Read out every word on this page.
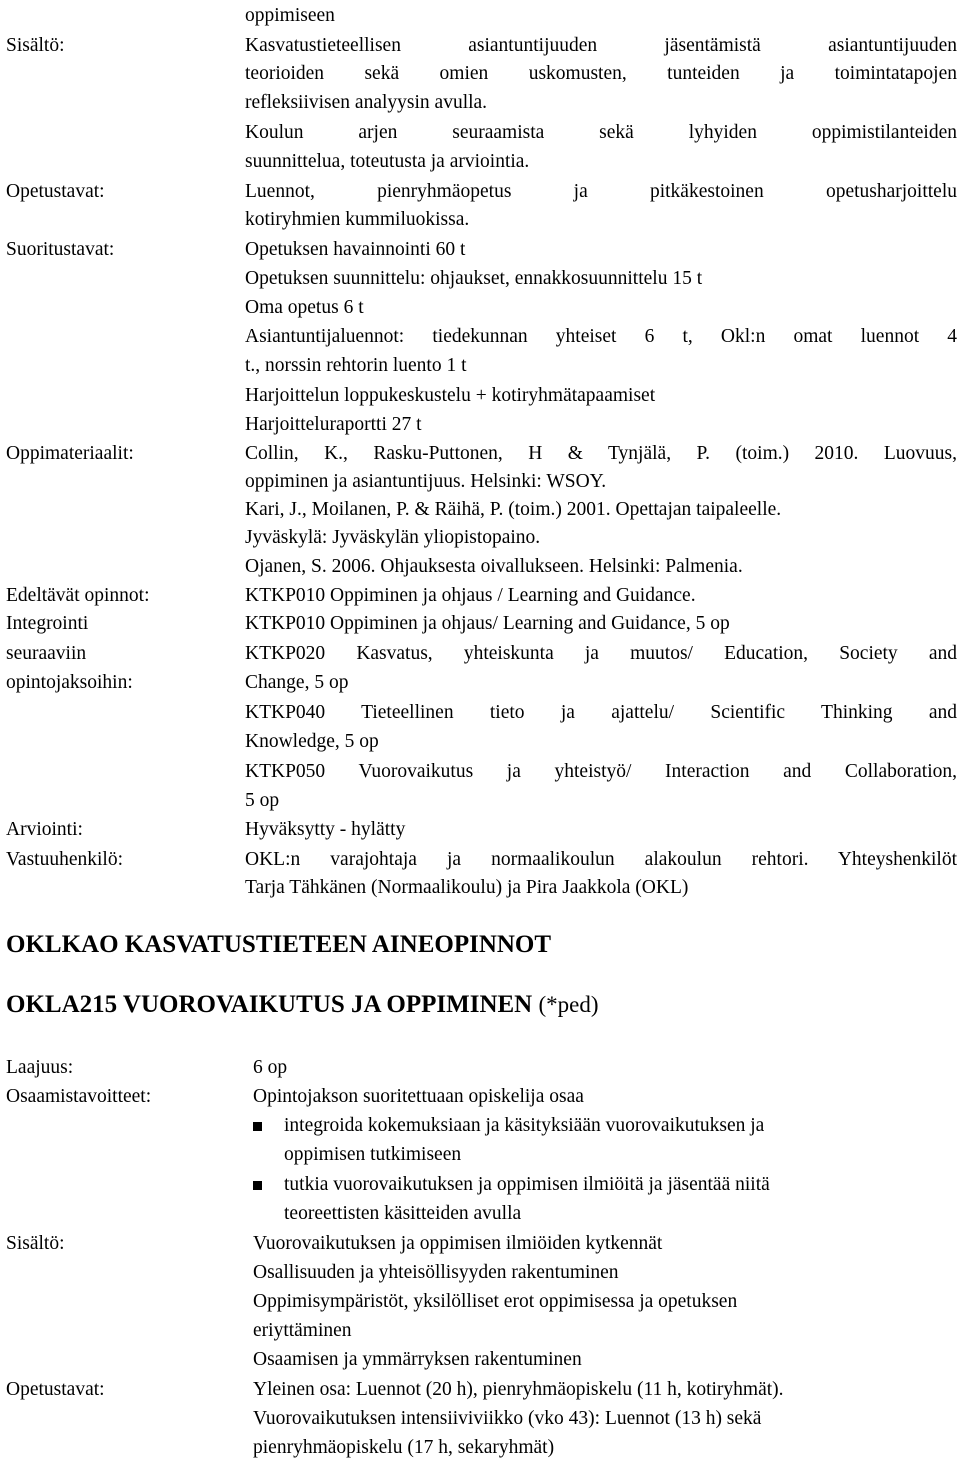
Sisältö:
Opetustavat:
Suoritustavat:
Oppimateriaalit:
Edeltävät opinnot:
Integrointi
seuraaviin
opintojaksoihin:
Arviointi:
Vastuuhenkilö:
oppimiseen
Kasvatustieteellisen asiantuntijuuden jäsentämistä asiantuntijuuden
teorioiden sekä omien uskomusten, tunteiden ja toimintatapojen
refleksiivisen analyysin avulla.
Koulun arjen seuraamista sekä lyhyiden oppimistilanteiden
suunnittelua, toteutusta ja arviointia.
Luennot, pienryhmäopetus ja pitkäkestoinen opetusharjoittelu
kotiryhmien kummiluokissa.
Opetuksen havainnointi 60 t
Opetuksen suunnittelu: ohjaukset, ennakkosuunnittelu 15 t
Oma opetus 6 t
Asiantuntijaluennot: tiedekunnan yhteiset 6 t, Okl:n omat luennot 4
t., norssin rehtorin luento 1 t
Harjoittelun loppukeskustelu + kotiryhmätapaamiset
Harjoitteluraportti 27 t
Collin, K., Rasku-Puttonen, H & Tynjälä, P. (toim.) 2010. Luovuus,
oppiminen ja asiantuntijuus. Helsinki: WSOY.
Kari, J., Moilanen, P. & Räihä, P. (toim.) 2001. Opettajan taipaleelle.
Jyväskylä: Jyväskylän yliopistopaino.
Ojanen, S. 2006. Ohjauksesta oivallukseen. Helsinki: Palmenia.
KTKP010 Oppiminen ja ohjaus / Learning and Guidance.
KTKP010 Oppiminen ja ohjaus/ Learning and Guidance, 5 op
KTKP020 Kasvatus, yhteiskunta ja muutos/ Education, Society and
Change, 5 op
KTKP040 Tieteellinen tieto ja ajattelu/ Scientific Thinking and
Knowledge, 5 op
KTKP050 Vuorovaikutus ja yhteistyö/ Interaction and Collaboration,
5 op
Hyväksytty - hylätty
OKL:n varajohtaja ja normaalikoulun alakoulun rehtori. Yhteyshenkilöt
Tarja Tähkänen (Normaalikoulu) ja Pira Jaakkola (OKL)
OKLKAO KASVATUSTIETEEN AINEOPINNOT
OKLA215 VUOROVAIKUTUS JA OPPIMINEN (*ped)
Laajuus:
Osaamistavoitteet:
Sisältö:
Opetustavat:
6 op
Opintojakson suoritettuaan opiskelija osaa
integroida kokemuksiaan ja käsityksiään vuorovaikutuksen ja
oppimisen tutkimiseen
tutkia vuorovaikutuksen ja oppimisen ilmiöitä ja jäsentää niitä
teoreettisten käsitteiden avulla
Vuorovaikutuksen ja oppimisen ilmiöiden kytkennät
Osallisuuden ja yhteisöllisyyden rakentuminen
Oppimisympäristöt, yksilölliset erot oppimisessa ja opetuksen
eriyttäminen
Osaamisen ja ymmärryksen rakentuminen
Yleinen osa: Luennot (20 h), pienryhmäopiskelu (11 h, kotiryhmät).
Vuorovaikutuksen intensiiviviikko (vko 43): Luennot (13 h) sekä
pienryhmäopiskelu (17 h, sekaryhmät)
